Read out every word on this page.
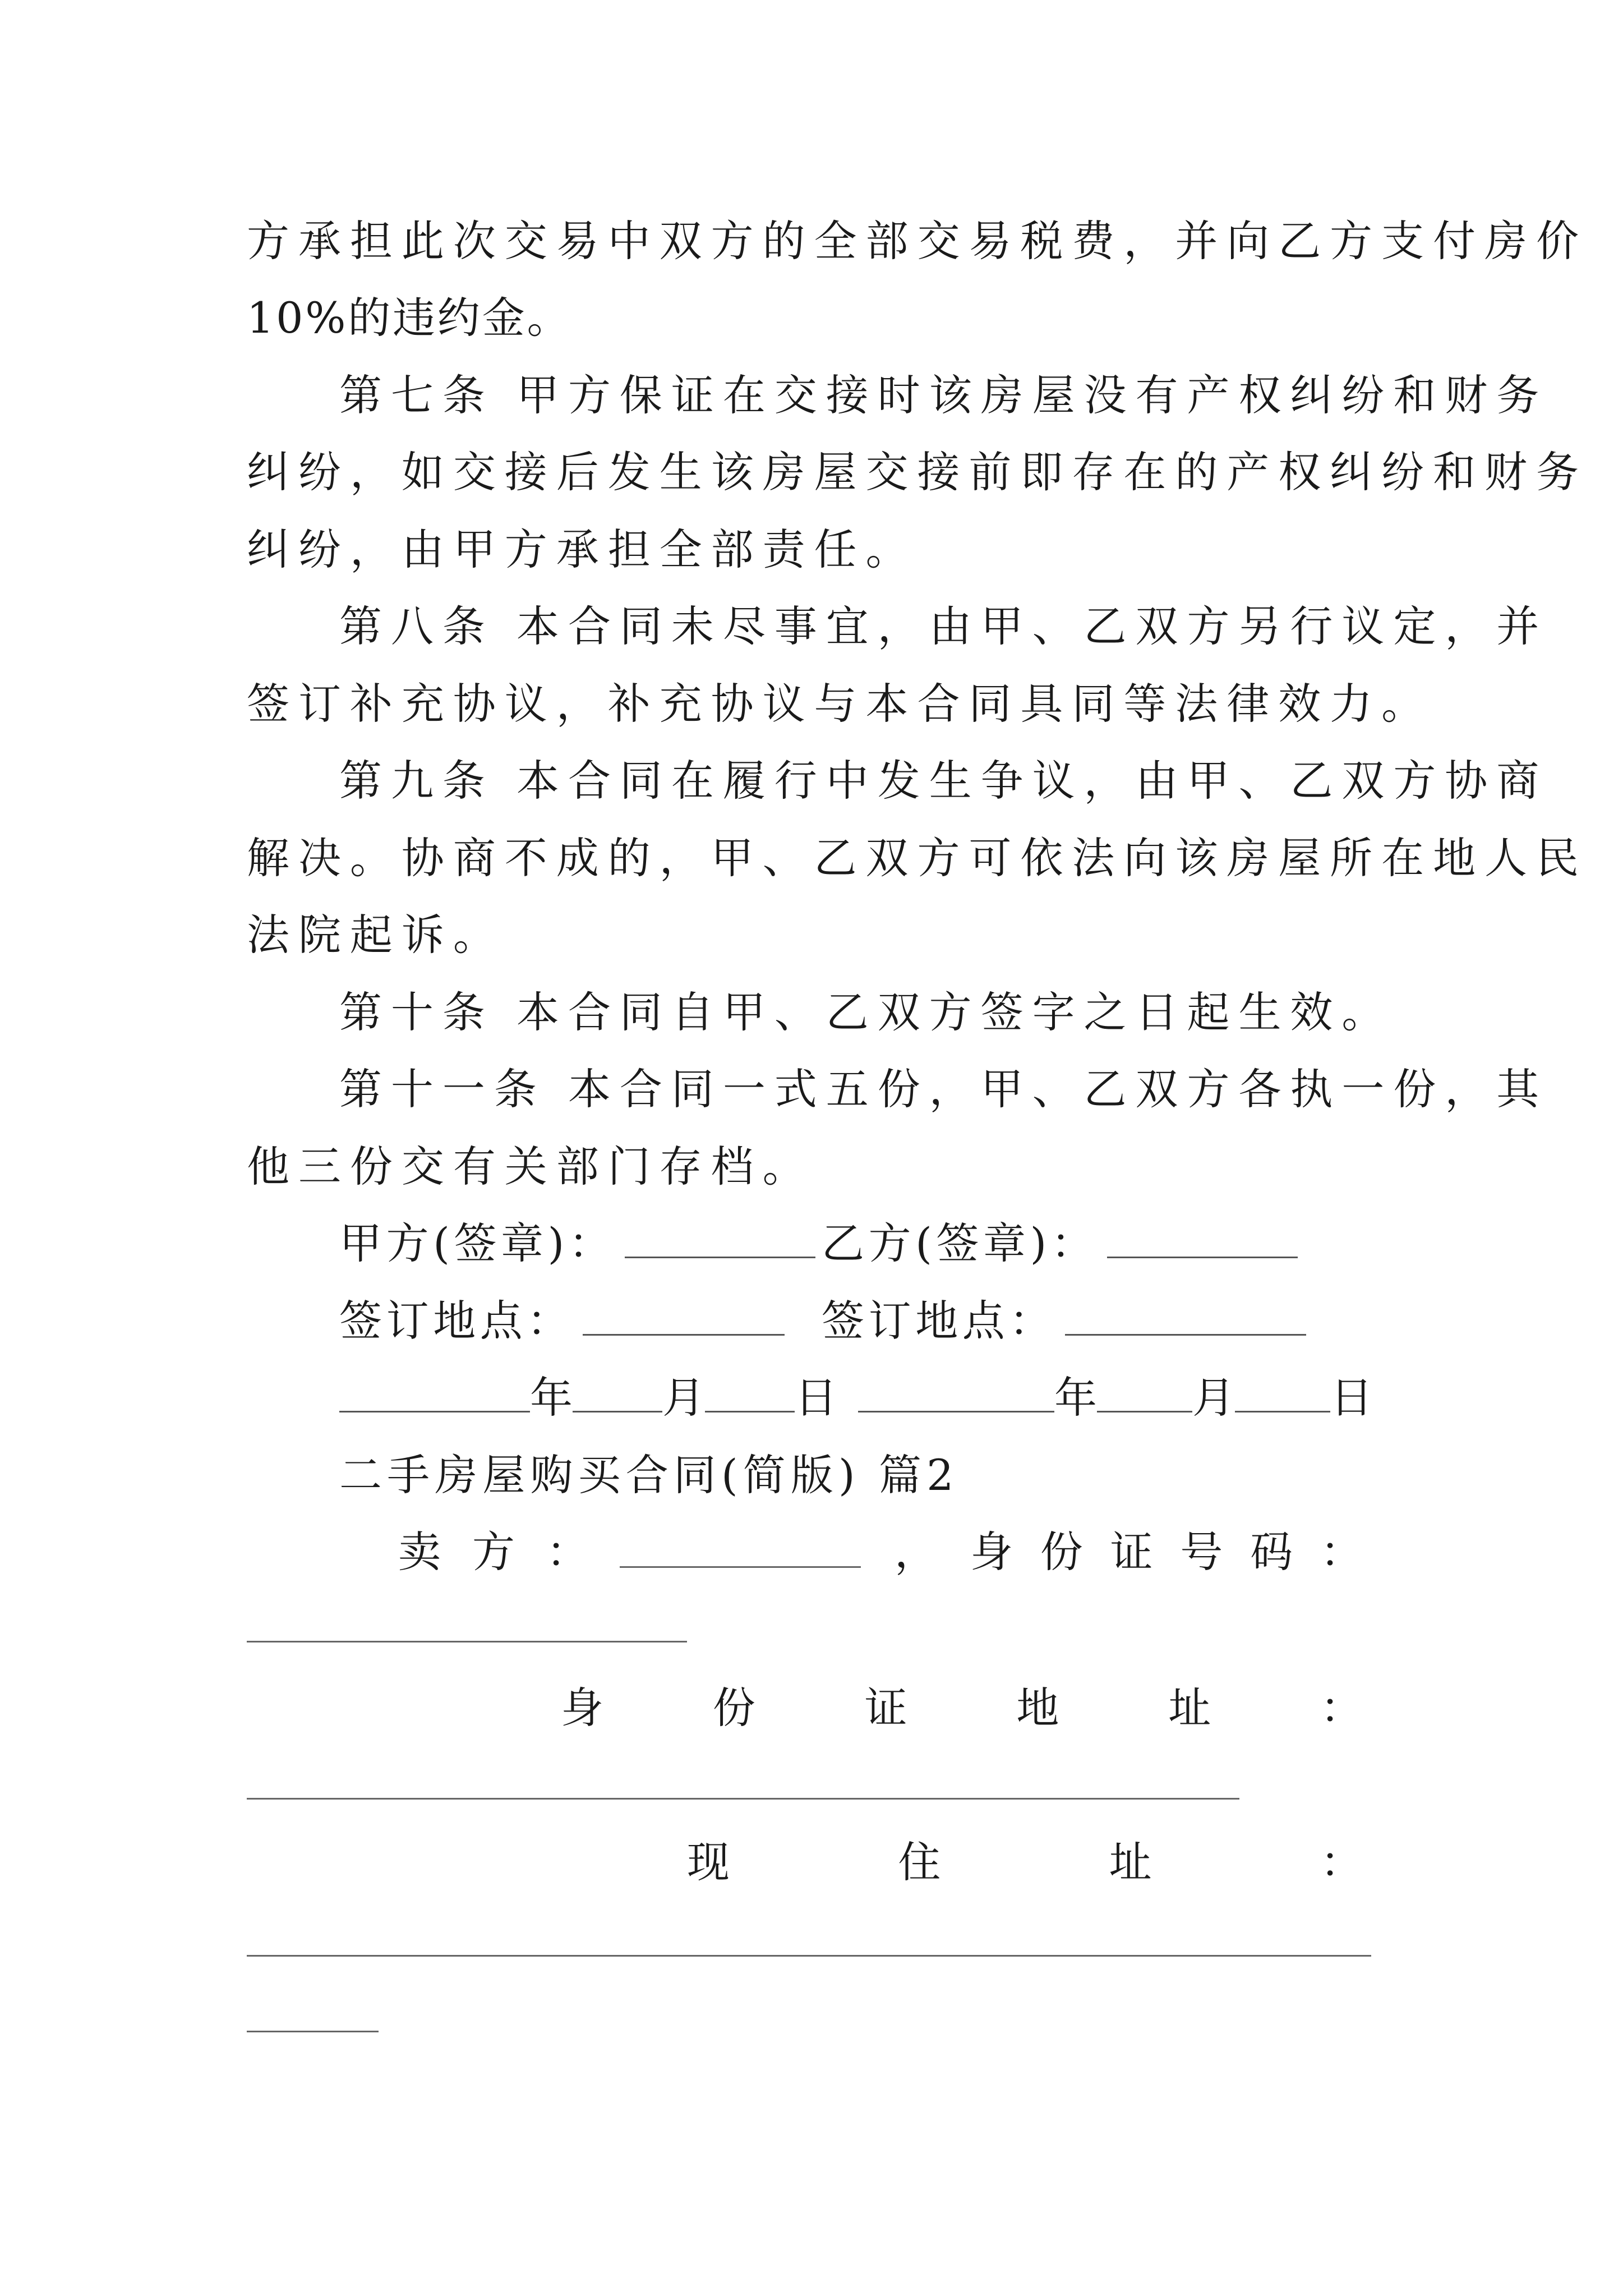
方承担此次交易中双方的全部交易税费，并向乙方支付房价
10%的违约金。
第七条 甲方保证在交接时该房屋没有产权纠纷和财务
纠纷，如交接后发生该房屋交接前即存在的产权纠纷和财务
纠纷，由甲方承担全部责任。
第八条 本合同未尽事宜，由甲、乙双方另行议定，并
签订补充协议，补充协议与本合同具同等法律效力。
第九条 本合同在履行中发生争议，由甲、乙双方协商
解决。协商不成的，甲、乙双方可依法向该房屋所在地人民
法院起诉。
第十条 本合同自甲、乙双方签字之日起生效。
第十一条 本合同一式五份，甲、乙双方各执一份，其
他三份交有关部门存档。
甲方(签章)：	乙方(签章)：
签订地点：	签订地点：
年 月 日	年 月 日
二手房屋购买合同(简版) 篇2
卖 方 ：	， 身 份 证 号 码 ：
身	份	证	地	址	：
现	住	址	：
